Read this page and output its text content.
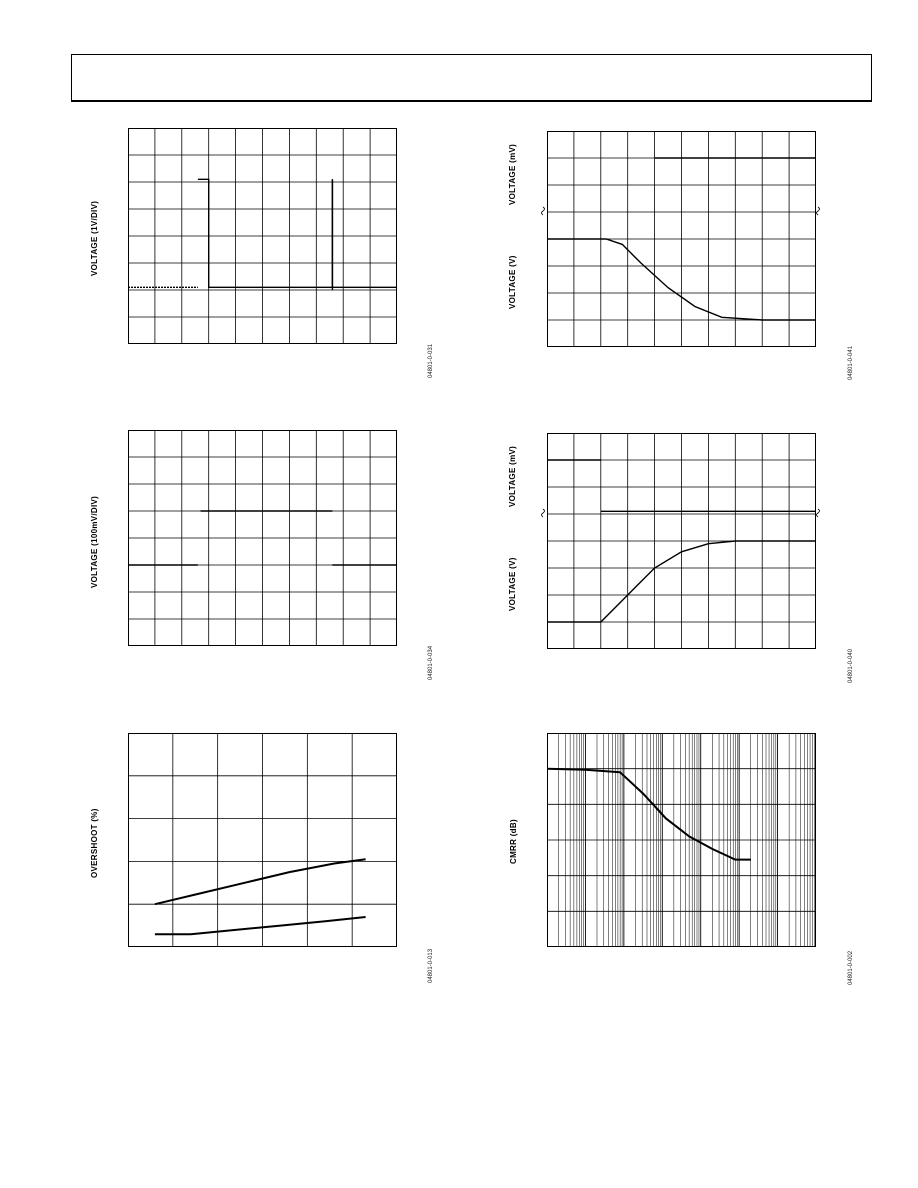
VOLTAGE (1V/DIV)
04801-0-031
VOLTAGE (100mV/DIV)
04801-0-034
OVERSHOOT (%)
04801-0-013
VOLTAGE (mV)
VOLTAGE (V)
04801-0-041
VOLTAGE (mV)
VOLTAGE (V)
04801-0-040
CMRR (dB)
04801-0-002
